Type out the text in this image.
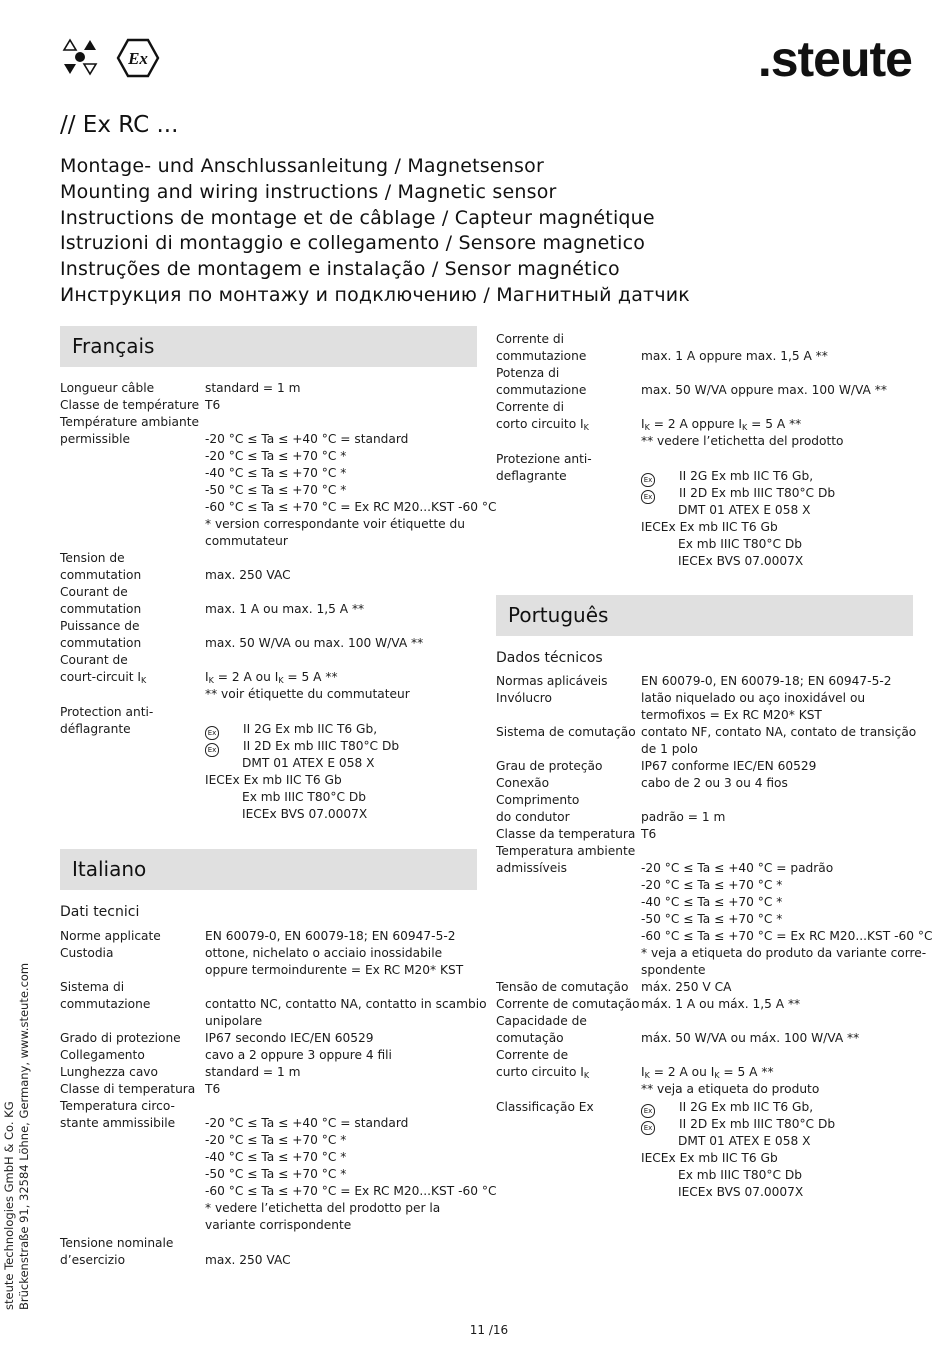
Ex	.steute
// Ex RC ...
Montage- und Anschlussanleitung / Magnetsensor
Mounting and wiring instructions / Magnetic sensor
Instructions de montage et de câblage / Capteur magnétique
Istruzioni di montaggio e collegamento / Sensore magnetico
Instruções de montagem e instalação / Sensor magnético
Инструкция по монтажу и подключению / Магнитный датчик
Français
Longueur câble	standard = 1 m
Classe de température T6
Température ambiante
permissible	-20 °C ≤ Ta ≤ +40 °C = standard
-20 °C ≤ Ta ≤ +70 °C *
-40 °C ≤ Ta ≤ +70 °C *
-50 °C ≤ Ta ≤ +70 °C *
-60 °C ≤ Ta ≤ +70 °C = Ex RC M20...KST -60 °C
* version correspondante voir étiquette du
commutateur
Tension de
commutation	max. 250 VAC
Courant de
commutation	max. 1 A ou max. 1,5 A **
Puissance de
commutation	max. 50 W/VA ou max. 100 W/VA **
Courant de
court-circuit $I_K$	$I_K = 2$ A ou $I_K = 5$ A **
** voir étiquette du commutateur
Protection anti-
déflagrante	Ex II 2G Ex mb IIC T6 Gb,
Ex II 2D Ex mb IIIC T80°C Db
DMT 01 ATEX E 058 X
IECEx Ex mb IIC T6 Gb
Ex mb IIIC T80°C Db
IECEx BVS 07.0007X
Italiano
Dati tecnici
Norme applicate	EN 60079-0, EN 60079-18; EN 60947-5-2
Custodia	ottone, nichelato o acciaio inossidabile
oppure termoindurente = Ex RC M20* KST
Sistema di
commutazione	contatto NC, contatto NA, contatto in scambio
unipolare
Grado di protezione	IP67 secondo IEC/EN 60529
Collegamento	cavo a 2 oppure 3 oppure 4 fili
Lunghezza cavo	standard = 1 m
Classe di temperatura T6
Temperatura circo-
stante ammissibile	-20 °C ≤ Ta ≤ +40 °C = standard
-20 °C ≤ Ta ≤ +70 °C *
-40 °C ≤ Ta ≤ +70 °C *
-50 °C ≤ Ta ≤ +70 °C *
-60 °C ≤ Ta ≤ +70 °C = Ex RC M20...KST -60 °C
* vedere l’etichetta del prodotto per la
variante corrispondente
Tensione nominale
d’esercizio	max. 250 VAC
Corrente di
commutazione	max. 1 A oppure max. 1,5 A **
Potenza di
commutazione	max. 50 W/VA oppure max. 100 W/VA **
Corrente di
corto circuito $I_K$	$I_K = 2$ A oppure $I_K = 5$ A **
** vedere l’etichetta del prodotto
Protezione anti-
deflagrante	Ex II 2G Ex mb IIC T6 Gb,
Ex II 2D Ex mb IIIC T80°C Db
DMT 01 ATEX E 058 X
IECEx Ex mb IIC T6 Gb
Ex mb IIIC T80°C Db
IECEx BVS 07.0007X
Português
Dados técnicos
Normas aplicáveis	EN 60079-0, EN 60079-18; EN 60947-5-2
Invólucro	latão niquelado ou aço inoxidável ou
termofixos = Ex RC M20* KST
Sistema de comutação contato NF, contato NA, contato de transição
de 1 polo
Grau de proteção	IP67 conforme IEC/EN 60529
Conexão	cabo de 2 ou 3 ou 4 fios
Comprimento
do condutor	padrão = 1 m
Classe da temperatura T6
Temperatura ambiente
admissíveis	-20 °C ≤ Ta ≤ +40 °C = padrão
-20 °C ≤ Ta ≤ +70 °C *
-40 °C ≤ Ta ≤ +70 °C *
-50 °C ≤ Ta ≤ +70 °C *
-60 °C ≤ Ta ≤ +70 °C = Ex RC M20...KST -60 °C
* veja a etiqueta do produto da variante corre-
spondente
Tensão de comutação	máx. 250 V CA
Corrente de comutação máx. 1 A ou máx. 1,5 A **
Capacidade de
comutação	máx. 50 W/VA ou máx. 100 W/VA **
Corrente de
curto circuito $I_K$	$I_K = 2$ A ou $I_K = 5$ A **
** veja a etiqueta do produto
Classificação Ex	Ex II 2G Ex mb IIC T6 Gb,
Ex II 2D Ex mb IIIC T80°C Db
DMT 01 ATEX E 058 X
IECEx Ex mb IIC T6 Gb
Ex mb IIIC T80°C Db
IECEx BVS 07.0007X
steute Technologies GmbH & Co. KG Brückenstraße 91, 32584 Löhne, Germany, www.steute.com
11 /16
